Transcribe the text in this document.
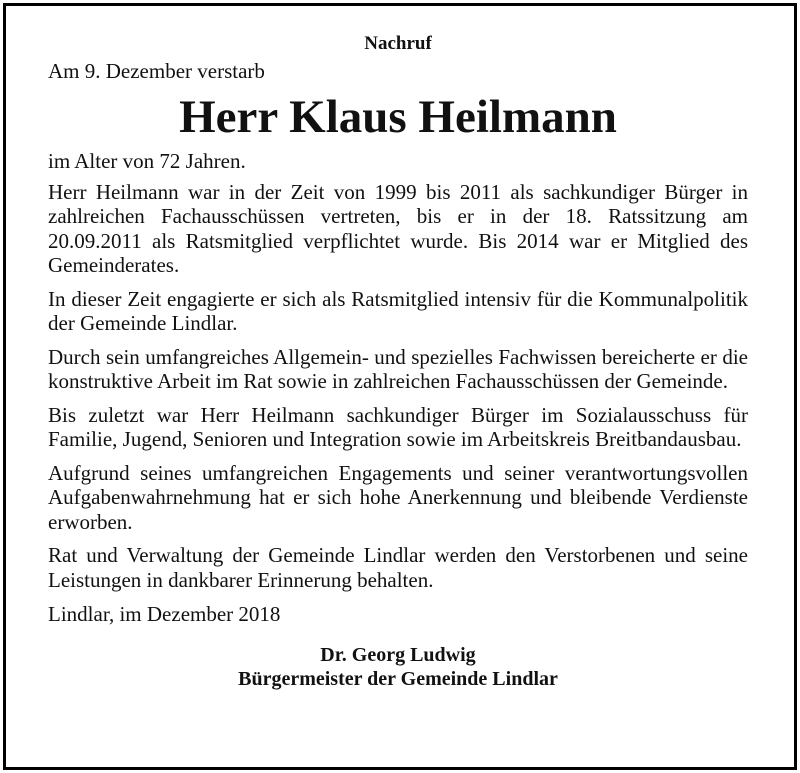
Nachruf

Am 9. Dezember verstarb

Herr Klaus Heilmann

im Alter von 72 Jahren.

Herr Heilmann war in der Zeit von 1999 bis 2011 als sachkundiger Bürger in zahlreichen Fachausschüssen vertreten, bis er in der 18. Ratssitzung am 20.09.2011 als Ratsmitglied verpflichtet wurde. Bis 2014 war er Mitglied des Gemeinderates.

In dieser Zeit engagierte er sich als Ratsmitglied intensiv für die Kommunalpolitik der Gemeinde Lindlar.

Durch sein umfangreiches Allgemein- und spezielles Fachwissen bereicherte er die konstruktive Arbeit im Rat sowie in zahlreichen Fachausschüssen der Gemeinde.

Bis zuletzt war Herr Heilmann sachkundiger Bürger im Sozialausschuss für Familie, Jugend, Senioren und Integration sowie im Arbeitskreis Breitbandausbau.

Aufgrund seines umfangreichen Engagements und seiner verantwortungsvollen Aufgabenwahrnehmung hat er sich hohe Anerkennung und bleibende Verdienste erworben.

Rat und Verwaltung der Gemeinde Lindlar werden den Verstorbenen und seine Leistungen in dankbarer Erinnerung behalten.

Lindlar, im Dezember 2018

Dr. Georg Ludwig
Bürgermeister der Gemeinde Lindlar
